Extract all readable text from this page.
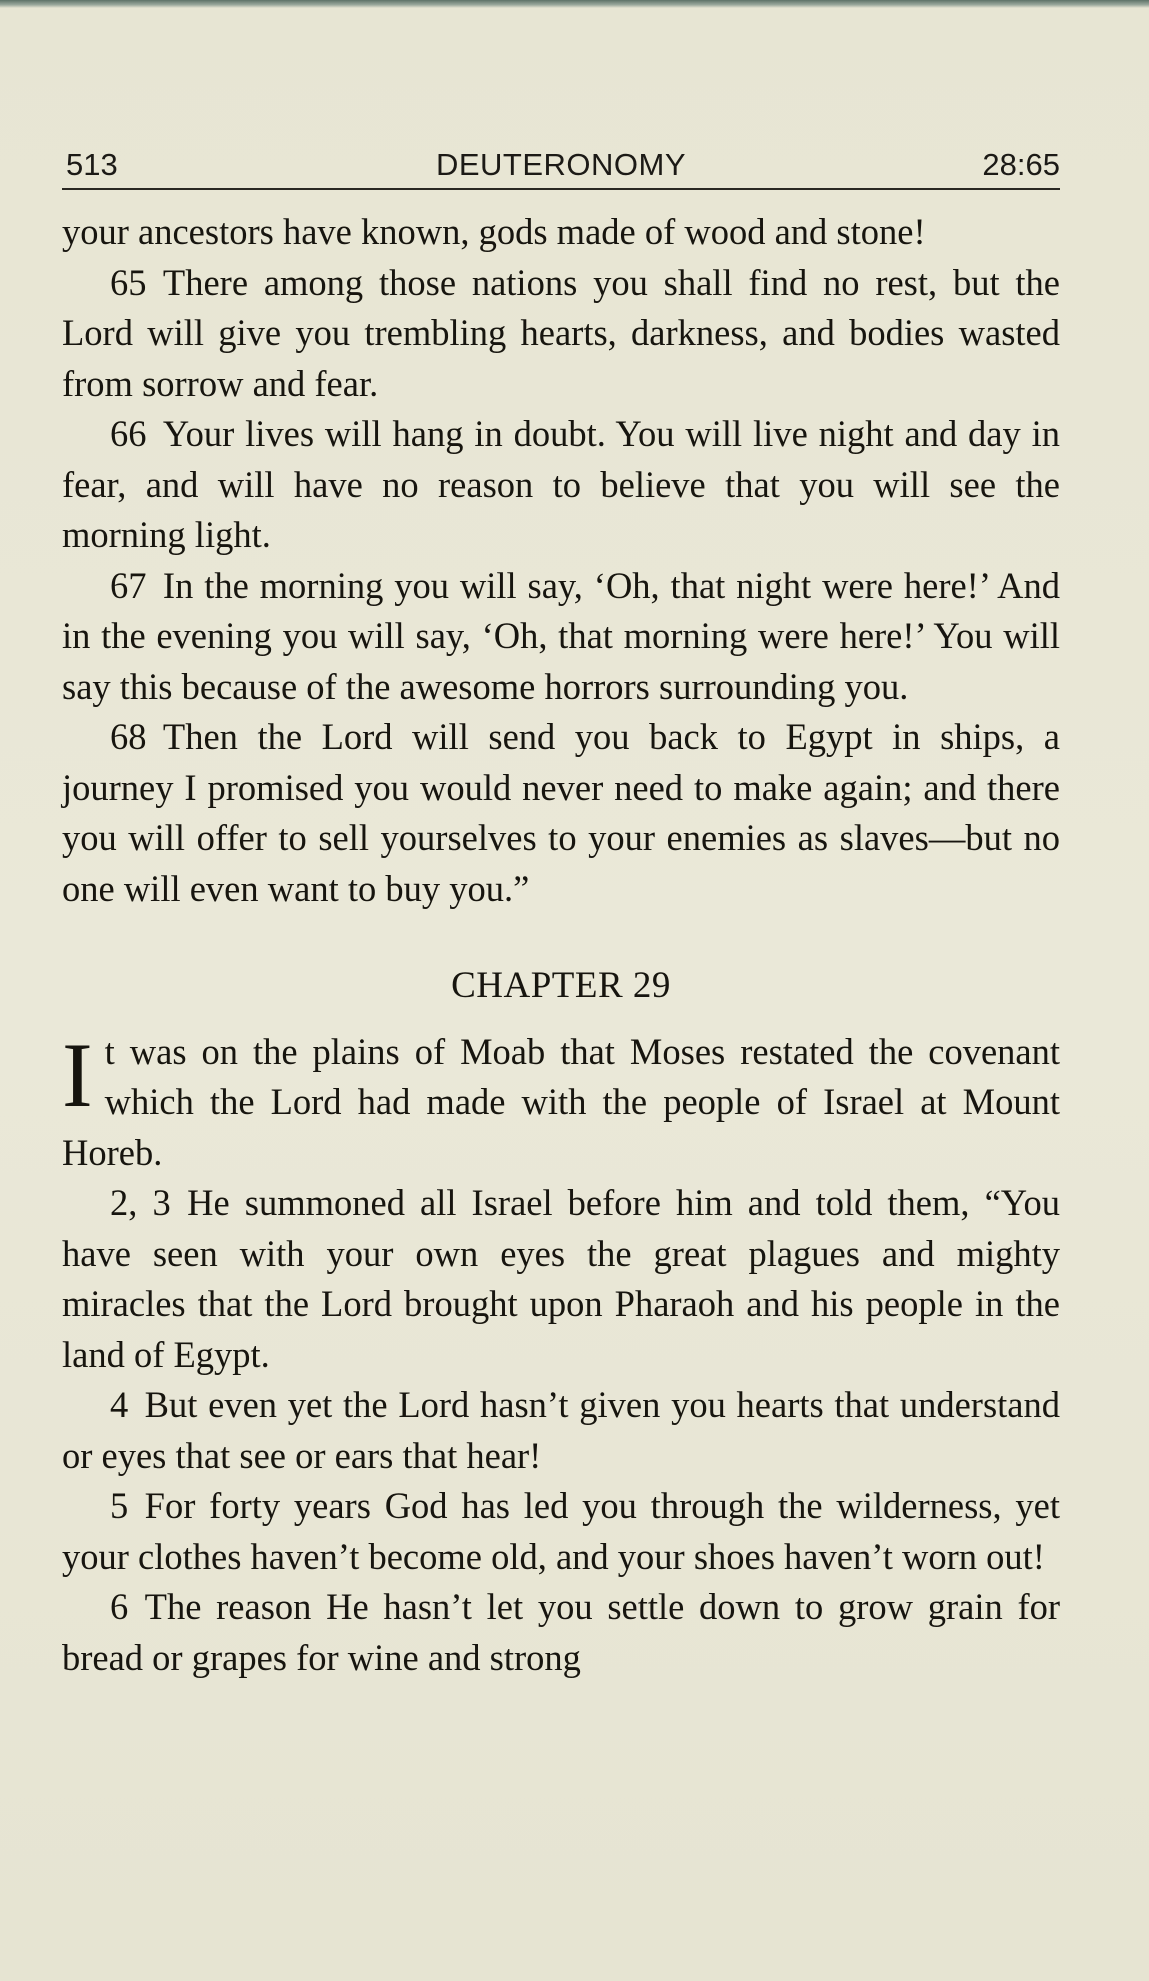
513	DEUTERONOMY	28:65

your ancestors have known, gods made of wood and stone!

65 There among those nations you shall find no rest, but the Lord will give you trembling hearts, darkness, and bodies wasted from sorrow and fear.

66 Your lives will hang in doubt. You will live night and day in fear, and will have no reason to believe that you will see the morning light.

67 In the morning you will say, ‘Oh, that night were here!’ And in the evening you will say, ‘Oh, that morning were here!’ You will say this because of the awesome horrors surrounding you.

68 Then the Lord will send you back to Egypt in ships, a journey I promised you would never need to make again; and there you will offer to sell yourselves to your enemies as slaves—but no one will even want to buy you.”

CHAPTER 29

It was on the plains of Moab that Moses restated the covenant which the Lord had made with the people of Israel at Mount Horeb.

2, 3 He summoned all Israel before him and told them, “You have seen with your own eyes the great plagues and mighty miracles that the Lord brought upon Pharaoh and his people in the land of Egypt.

4 But even yet the Lord hasn’t given you hearts that understand or eyes that see or ears that hear!

5 For forty years God has led you through the wilderness, yet your clothes haven’t become old, and your shoes haven’t worn out!

6 The reason He hasn’t let you settle down to grow grain for bread or grapes for wine and strong
